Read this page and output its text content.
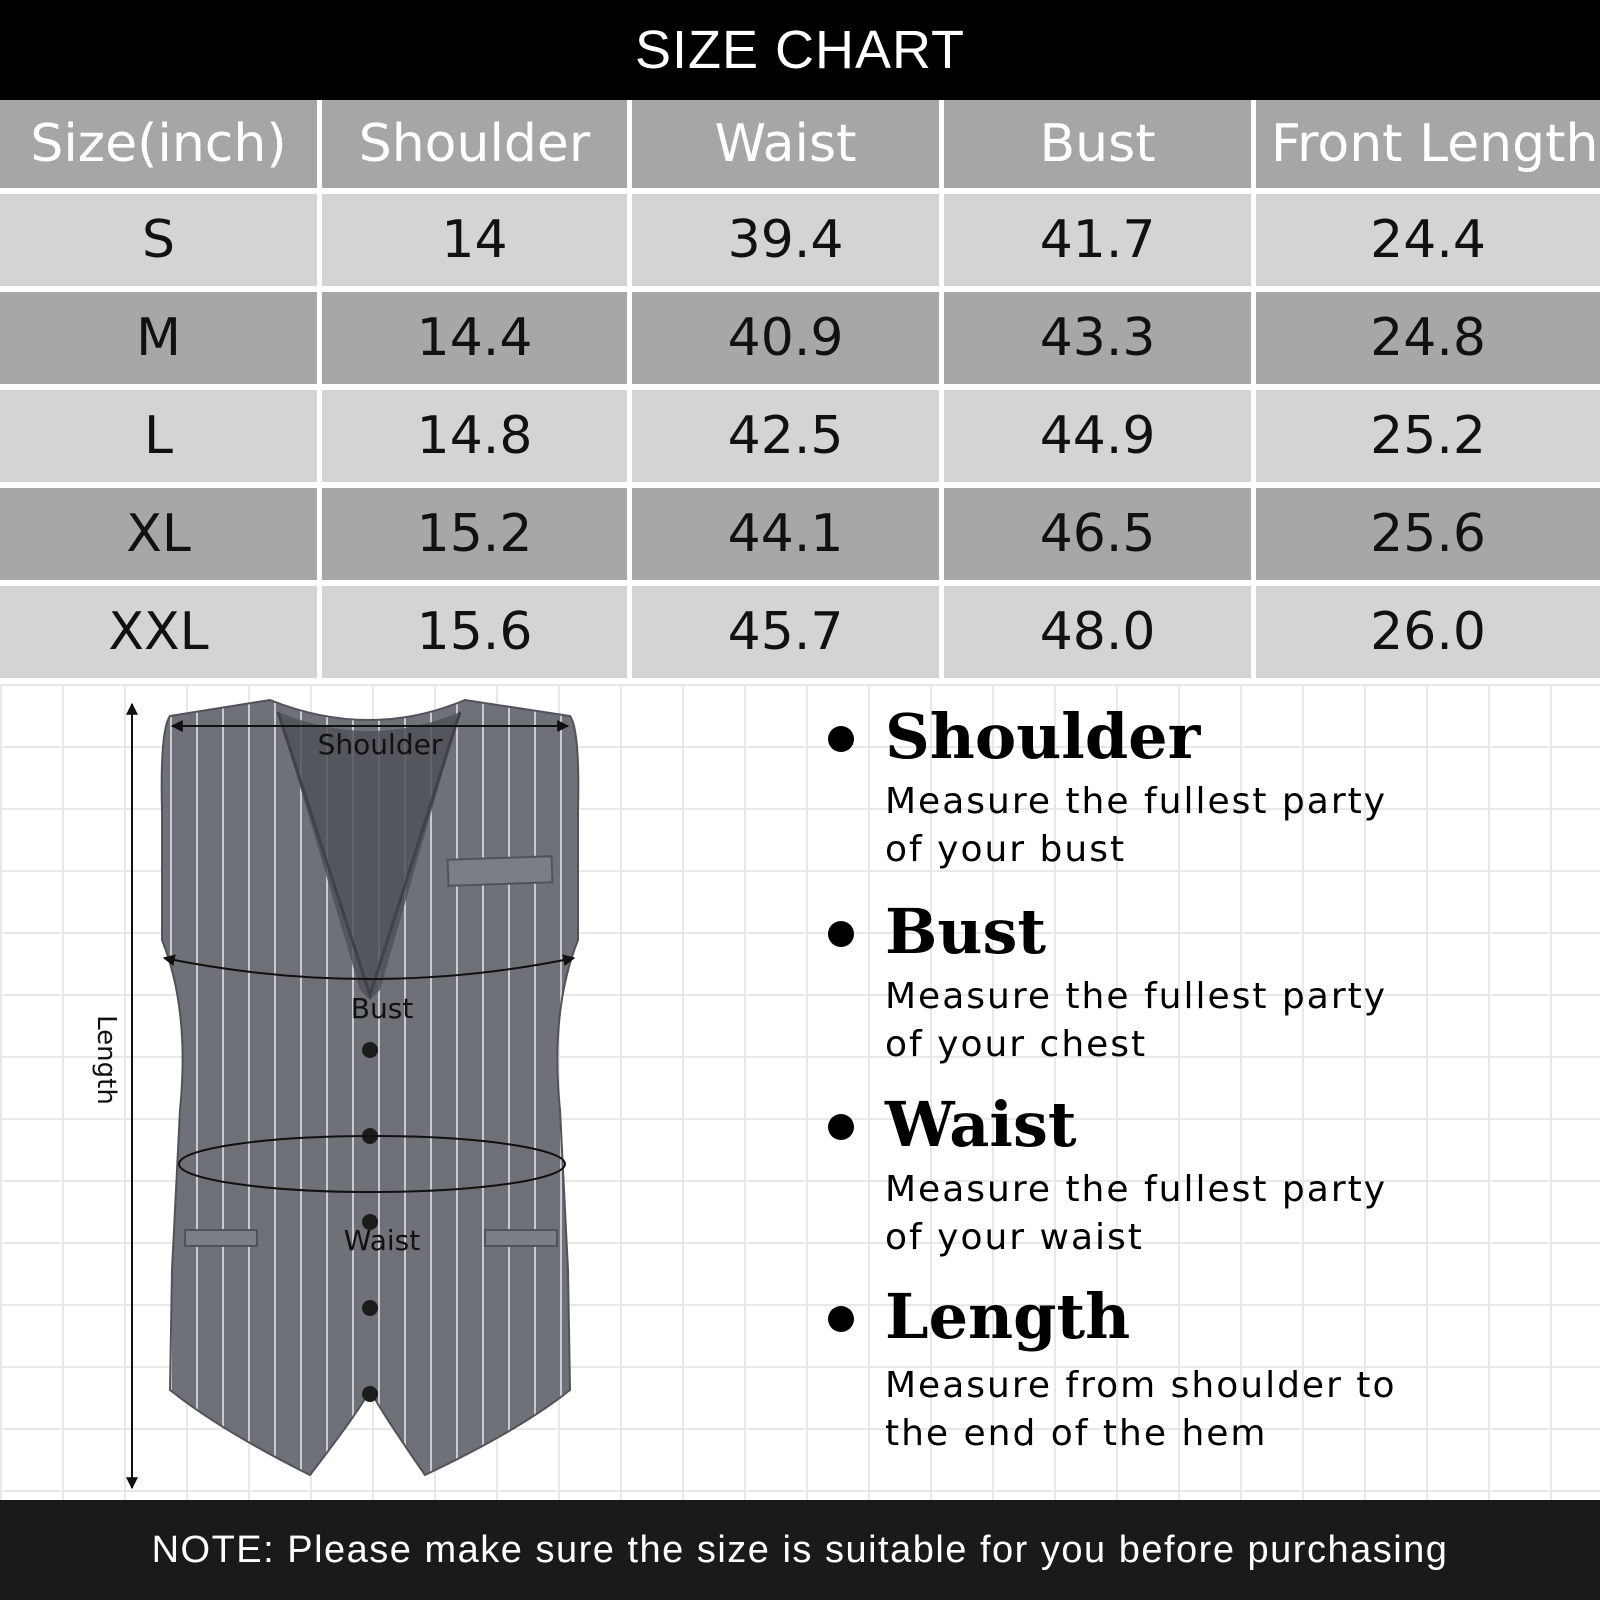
SIZE CHART
Size(inch)	Shoulder	Waist	Bust	Front Length
S	14	39.4	41.7	24.4
M	14.4	40.9	43.3	24.8
L	14.8	42.5	44.9	25.2
XL	15.2	44.1	46.5	25.6
XXL	15.6	45.7	48.0	26.0
Shoulder
Bust
Waist
Length
Shoulder
Measure the fullest party
of your bust
Bust
Measure the fullest party
of your chest
Waist
Measure the fullest party
of your waist
Length
Measure from shoulder to
the end of the hem
NOTE: Please make sure the size is suitable for you before purchasing
